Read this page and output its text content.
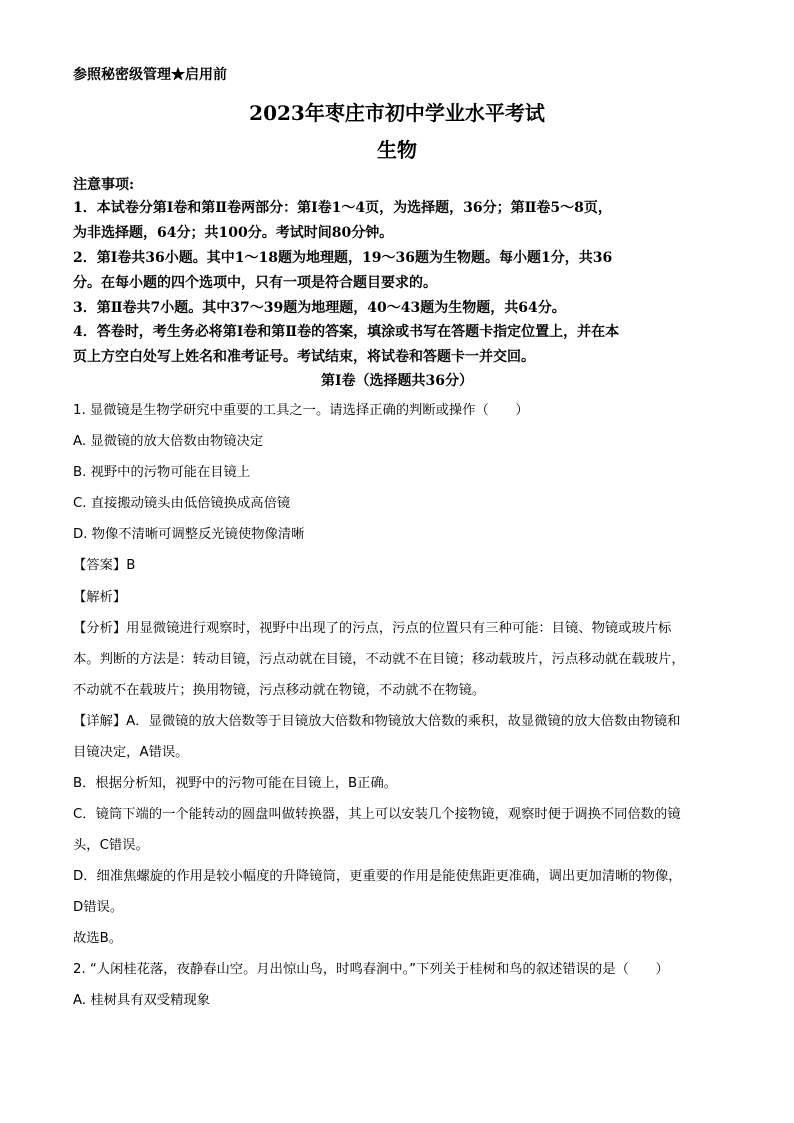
参照秘密级管理★启用前
2023年枣庄市初中学业水平考试
生物
注意事项:
1．本试卷分第Ⅰ卷和第Ⅱ卷两部分：第Ⅰ卷1～4页，为选择题，36分；第Ⅱ卷5～8页，
为非选择题，64分；共100分。考试时间80分钟。
2．第Ⅰ卷共36小题。其中1～18题为地理题，19～36题为生物题。每小题1分，共36
分。在每小题的四个选项中，只有一项是符合题目要求的。
3．第Ⅱ卷共7小题。其中37～39题为地理题，40～43题为生物题，共64分。
4．答卷时，考生务必将第Ⅰ卷和第Ⅱ卷的答案，填涂或书写在答题卡指定位置上，并在本
页上方空白处写上姓名和准考证号。考试结束，将试卷和答题卡一并交回。
第Ⅰ卷（选择题共36分）
1. 显微镜是生物学研究中重要的工具之一。请选择正确的判断或操作（　　）
A. 显微镜的放大倍数由物镜决定
B. 视野中的污物可能在目镜上
C. 直接搬动镜头由低倍镜换成高倍镜
D. 物像不清晰可调整反光镜使物像清晰
【答案】B
【解析】
【分析】用显微镜进行观察时，视野中出现了的污点，污点的位置只有三种可能：目镜、物镜或玻片标
本。判断的方法是：转动目镜，污点动就在目镜，不动就不在目镜；移动载玻片，污点移动就在载玻片，
不动就不在载玻片；换用物镜，污点移动就在物镜，不动就不在物镜。
【详解】A．显微镜的放大倍数等于目镜放大倍数和物镜放大倍数的乘积，故显微镜的放大倍数由物镜和
目镜决定，A错误。
B．根据分析知，视野中的污物可能在目镜上，B正确。
C．镜筒下端的一个能转动的圆盘叫做转换器，其上可以安装几个接物镜，观察时便于调换不同倍数的镜
头，C错误。
D．细准焦螺旋的作用是较小幅度的升降镜筒，更重要的作用是能使焦距更准确，调出更加清晰的物像，
D错误。
故选B。
2. “人闲桂花落，夜静春山空。月出惊山鸟，时鸣春涧中。”下列关于桂树和鸟的叙述错误的是（　　）
A. 桂树具有双受精现象
